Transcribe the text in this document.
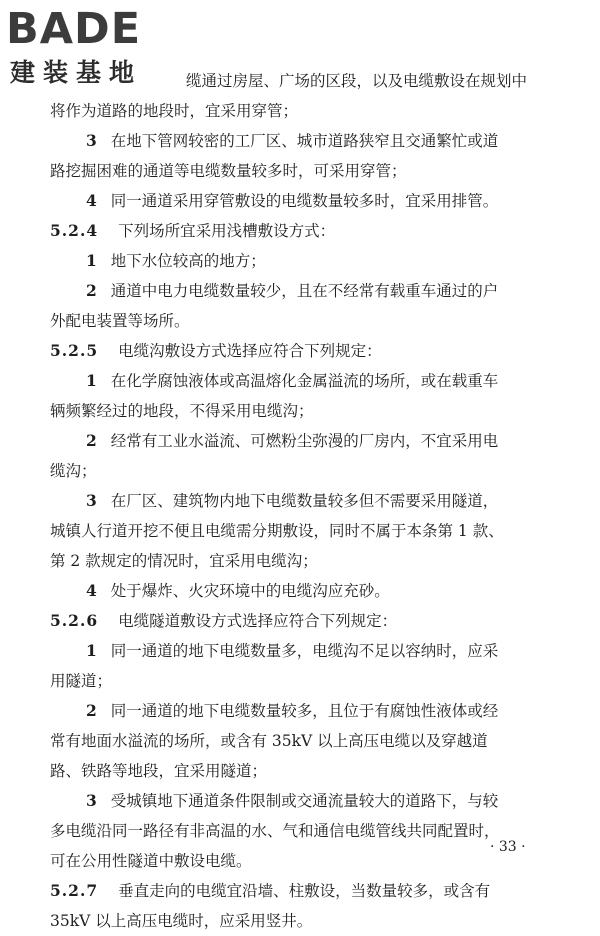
BADE
建装基地	缆通过房屋、广场的区段，以及电缆敷设在规划中
将作为道路的地段时，宜采用穿管；
3 在地下管网较密的工厂区、城市道路狭窄且交通繁忙或道
路挖掘困难的通道等电缆数量较多时，可采用穿管；
4 同一通道采用穿管敷设的电缆数量较多时，宜采用排管。
5.2.4 下列场所宜采用浅槽敷设方式：
1 地下水位较高的地方；
2 通道中电力电缆数量较少，且在不经常有载重车通过的户
外配电装置等场所。
5.2.5 电缆沟敷设方式选择应符合下列规定：
1 在化学腐蚀液体或高温熔化金属溢流的场所，或在载重车
辆频繁经过的地段，不得采用电缆沟；
2 经常有工业水溢流、可燃粉尘弥漫的厂房内，不宜采用电
缆沟；
3 在厂区、建筑物内地下电缆数量较多但不需要采用隧道，
城镇人行道开挖不便且电缆需分期敷设，同时不属于本条第 1 款、
第 2 款规定的情况时，宜采用电缆沟；
4 处于爆炸、火灾环境中的电缆沟应充砂。
5.2.6 电缆隧道敷设方式选择应符合下列规定：
1 同一通道的地下电缆数量多，电缆沟不足以容纳时，应采
用隧道；
2 同一通道的地下电缆数量较多，且位于有腐蚀性液体或经
常有地面水溢流的场所，或含有 35kV 以上高压电缆以及穿越道
路、铁路等地段，宜采用隧道；
3 受城镇地下通道条件限制或交通流量较大的道路下，与较
多电缆沿同一路径有非高温的水、气和通信电缆管线共同配置时，
可在公用性隧道中敷设电缆。
5.2.7 垂直走向的电缆宜沿墙、柱敷设，当数量较多，或含有
35kV 以上高压电缆时，应采用竖井。
· 33 ·
